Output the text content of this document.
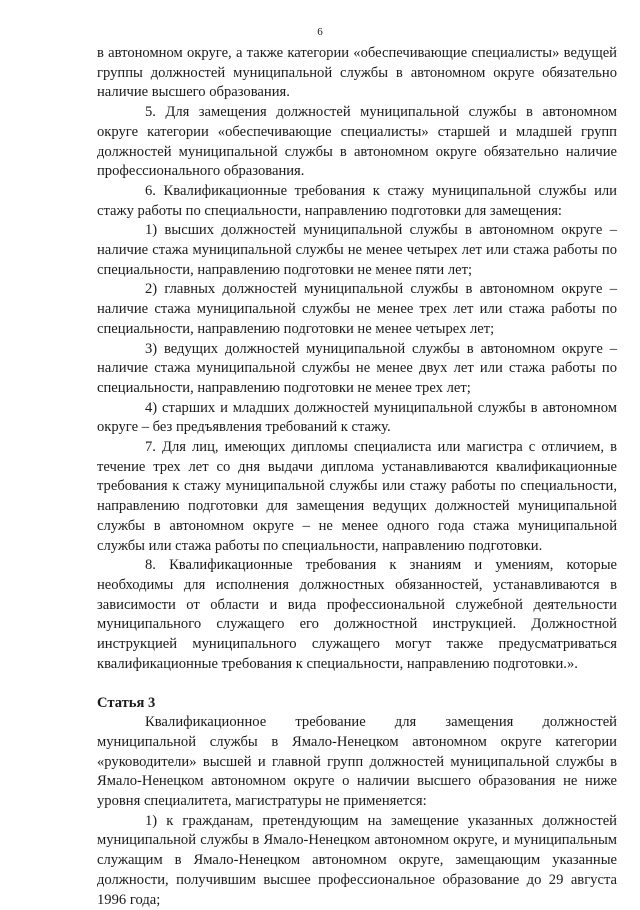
6

в автономном округе, а также категории «обеспечивающие специалисты» ведущей группы должностей муниципальной службы в автономном округе обязательно наличие высшего образования.

5. Для замещения должностей муниципальной службы в автономном округе категории «обеспечивающие специалисты» старшей и младшей групп должностей муниципальной службы в автономном округе обязательно наличие профессионального образования.

6. Квалификационные требования к стажу муниципальной службы или стажу работы по специальности, направлению подготовки для замещения:

1) высших должностей муниципальной службы в автономном округе – наличие стажа муниципальной службы не менее четырех лет или стажа работы по специальности, направлению подготовки не менее пяти лет;

2) главных должностей муниципальной службы в автономном округе – наличие стажа муниципальной службы не менее трех лет или стажа работы по специальности, направлению подготовки не менее четырех лет;

3) ведущих должностей муниципальной службы в автономном округе – наличие стажа муниципальной службы не менее двух лет или стажа работы по специальности, направлению подготовки не менее трех лет;

4) старших и младших должностей муниципальной службы в автономном округе – без предъявления требований к стажу.

7. Для лиц, имеющих дипломы специалиста или магистра с отличием, в течение трех лет со дня выдачи диплома устанавливаются квалификационные требования к стажу муниципальной службы или стажу работы по специальности, направлению подготовки для замещения ведущих должностей муниципальной службы в автономном округе – не менее одного года стажа муниципальной службы или стажа работы по специальности, направлению подготовки.

8. Квалификационные требования к знаниям и умениям, которые необходимы для исполнения должностных обязанностей, устанавливаются в зависимости от области и вида профессиональной служебной деятельности муниципального служащего его должностной инструкцией. Должностной инструкцией муниципального служащего могут также предусматриваться квалификационные требования к специальности, направлению подготовки.».

Статья 3

Квалификационное требование для замещения должностей муниципальной службы в Ямало-Ненецком автономном округе категории «руководители» высшей и главной групп должностей муниципальной службы в Ямало-Ненецком автономном округе о наличии высшего образования не ниже уровня специалитета, магистратуры не применяется:

1) к гражданам, претендующим на замещение указанных должностей муниципальной службы в Ямало-Ненецком автономном округе, и муниципальным служащим в Ямало-Ненецком автономном округе, замещающим указанные должности, получившим высшее профессиональное образование до 29 августа 1996 года;
